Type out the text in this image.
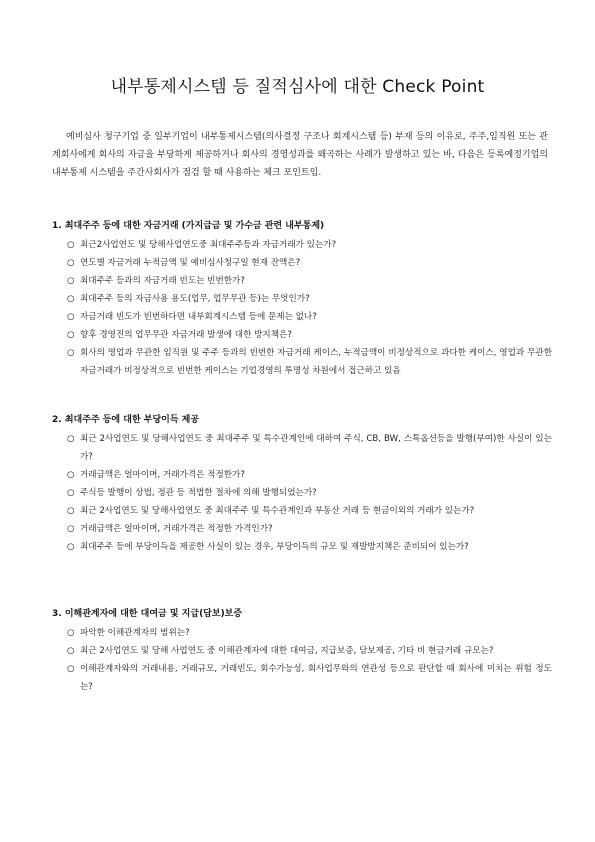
내부통제시스템 등 질적심사에 대한 Check Point

예비심사 청구기업 중 일부기업이 내부통제시스템(의사결정 구조나 회계시스템 등) 부재 등의 이유로, 주주,임직원 또는 관계회사에게 회사의 자금을 부당하게 제공하거나 회사의 경영성과를 왜곡하는 사례가 발생하고 있는 바, 다음은 등록예정기업의 내부통제 시스템을 주간사회사가 점검 할 때 사용하는 체크 포인트임.

1. 최대주주 등에 대한 자금거래 (가지급금 및 가수금 관련 내부통제)
○ 최근2사업연도 및 당해사업연도중 최대주주등과 자금거래가 있는가?
○ 연도별 자금거래 누적금액 및 예비심사청구일 현재 잔액은?
○ 최대주주 등과의 자금거래 빈도는 빈번한가?
○ 최대주주 등의 자금사용 용도(업무, 업무무관 등)는 무엇인가?
○ 자금거래 빈도가 빈번하다면 내부회계시스템 등에 문제는 없나?
○ 향후 경영진의 업무무관 자금거래 발생에 대한 방지책은?
○ 회사의 영업과 무관한 임직원 및 주주 등과의 빈번한 자금거래 케이스, 누적금액이 비정상적으로 과다한 케이스, 영업과 무관한 자금거래가 비정상적으로 빈번한 케이스는 기업경영의 투명성 차원에서 접근하고 있음
2. 최대주주 등에 대한 부당이득 제공
○ 최근 2사업연도 및 당해사업연도 중 최대주주 및 특수관계인에 대하여 주식, CB, BW, 스톡옵션등을 발행(부여)한 사실이 있는가?
○ 거래금액은 얼마이며, 거래가격은 적정한가?
○ 주식등 발행이 상법, 정관 등 적법한 절차에 의해 발행되었는가?
○ 최근 2사업연도 및 당해사업연도 중 최대주주 및 특수관계인과 부동산 거래 등 현금이외의 거래가 있는가?
○ 거래금액은 얼마이며, 거래가격은 적정한 가격인가?
○ 최대주주 등에 부당이득을 제공한 사실이 있는 경우, 부당이득의 규모 및 재발방지책은 준비되어 있는가?
3. 이해관계자에 대한 대여금 및 지급(담보)보증
○ 파악한 이해관계자의 범위는?
○ 최근 2사업연도 및 당해 사업연도 중 이해관계자에 대한 대여금, 지급보증, 담보제공, 기타 비 현금거래 규모는?
○ 이해관계자와의 거래내용, 거래규모, 거래빈도, 회수가능성, 회사업무와의 연관성 등으로 판단할 때 회사에 미치는 위험 정도는?
